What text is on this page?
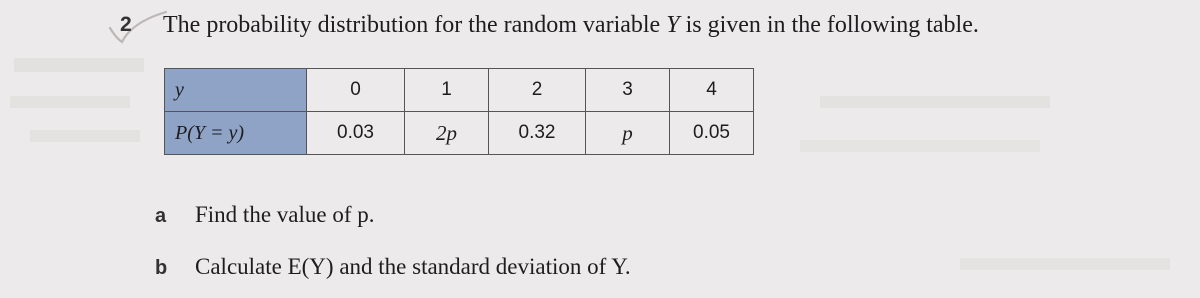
2 The probability distribution for the random variable Y is given in the following table.
y	0	1	2	3	4
P(Y = y)	0.03	2p	0.32	p	0.05
a Find the value of p.
b Calculate E(Y) and the standard deviation of Y.
